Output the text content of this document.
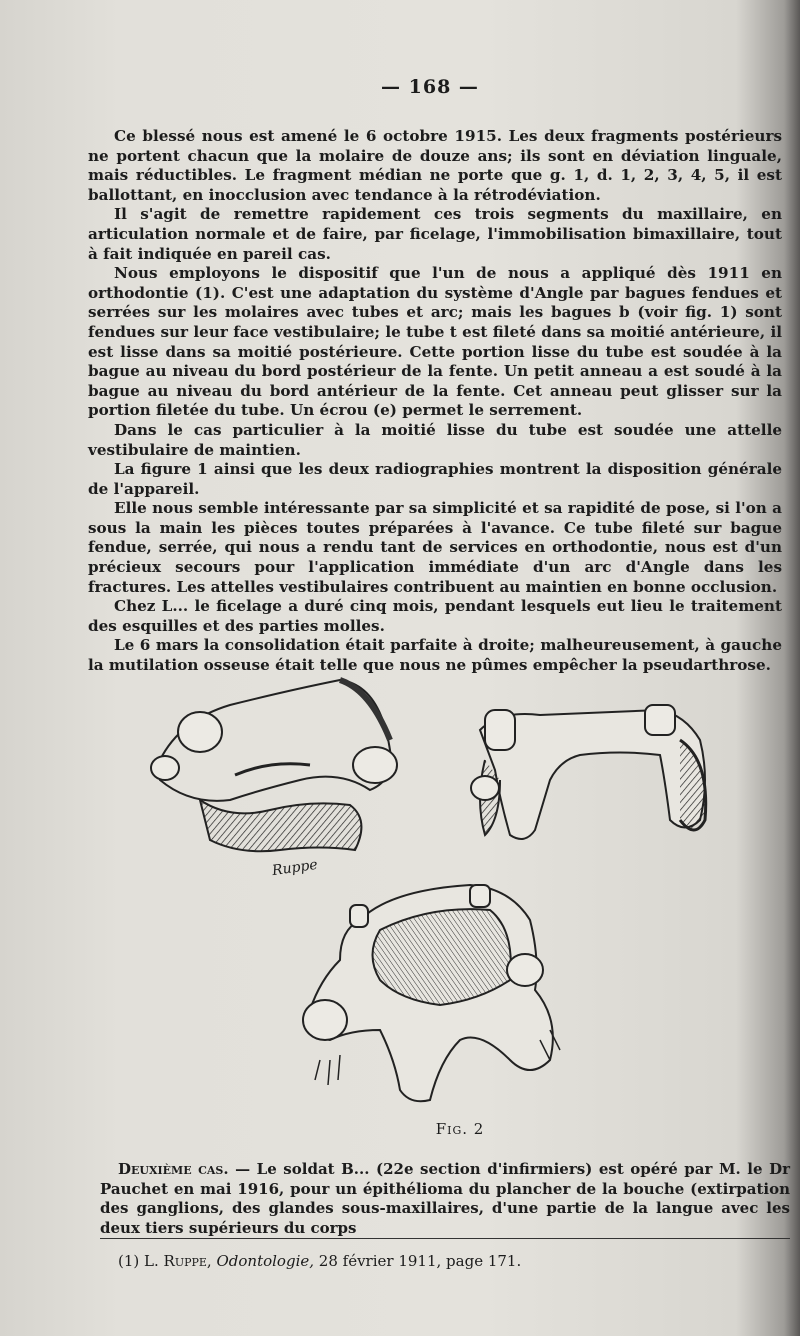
— 168 —

Ce blessé nous est amené le 6 octobre 1915. Les deux fragments postérieurs ne portent chacun que la molaire de douze ans; ils sont en déviation linguale, mais réductibles. Le fragment médian ne porte que g. 1, d. 1, 2, 3, 4, 5, il est ballottant, en inocclusion avec tendance à la rétrodéviation.

Il s'agit de remettre rapidement ces trois segments du maxillaire, en articulation normale et de faire, par ficelage, l'immobilisation bimaxillaire, tout à fait indiquée en pareil cas.

Nous employons le dispositif que l'un de nous a appliqué dès 1911 en orthodontie (1). C'est une adaptation du système d'Angle par bagues fendues et serrées sur les molaires avec tubes et arc; mais les bagues b (voir fig. 1) sont fendues sur leur face vestibulaire; le tube t est fileté dans sa moitié antérieure, il est lisse dans sa moitié postérieure. Cette portion lisse du tube est soudée à la bague au niveau du bord postérieur de la fente. Un petit anneau a est soudé à la bague au niveau du bord antérieur de la fente. Cet anneau peut glisser sur la portion filetée du tube. Un écrou (e) permet le serrement.

Dans le cas particulier à la moitié lisse du tube est soudée une attelle vestibulaire de maintien.

La figure 1 ainsi que les deux radiographies montrent la disposition générale de l'appareil.

Elle nous semble intéressante par sa simplicité et sa rapidité de pose, si l'on a sous la main les pièces toutes préparées à l'avance. Ce tube fileté sur bague fendue, serrée, qui nous a rendu tant de services en orthodontie, nous est d'un précieux secours pour l'application immédiate d'un arc d'Angle dans les fractures. Les attelles vestibulaires contribuent au maintien en bonne occlusion.

Chez L... le ficelage a duré cinq mois, pendant lesquels eut lieu le traitement des esquilles et des parties molles.

Le 6 mars la consolidation était parfaite à droite; malheureusement, à gauche la mutilation osseuse était telle que nous ne pûmes empêcher la pseudarthrose.

Ruppe
Fig. 2

Deuxième cas. — Le soldat B... (22e section d'infirmiers) est opéré par M. le Dr Pauchet en mai 1916, pour un épithélioma du plancher de la bouche (extirpation des ganglions, des glandes sous-maxillaires, d'une partie de la langue avec les deux tiers supérieurs du corps

(1) L. Ruppe, Odontologie, 28 février 1911, page 171.
